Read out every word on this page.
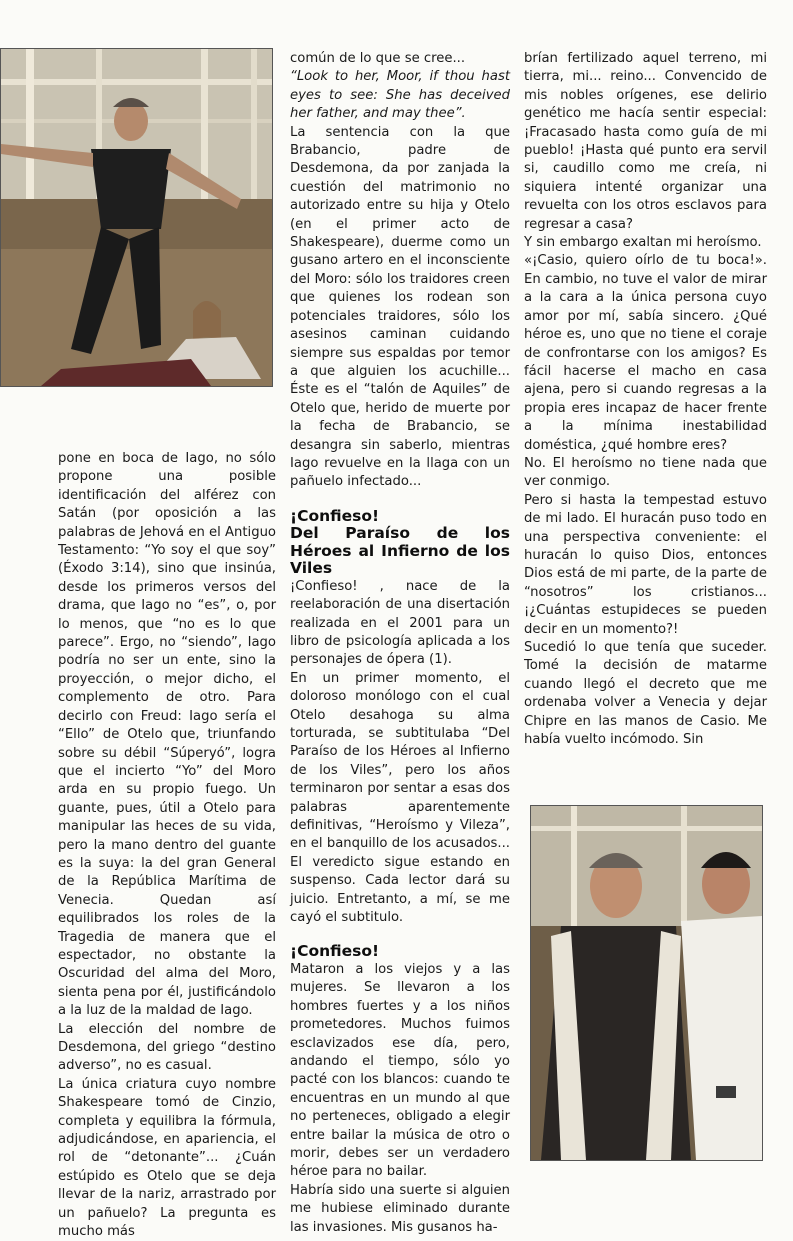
pone en boca de Iago, no sólo propone una posible identificación del alférez con Satán (por oposición a las palabras de Jehová en el Antiguo Testamento: “Yo soy el que soy” (Éxodo 3:14), sino que insinúa, desde los primeros versos del drama, que Iago no “es”, o, por lo menos, que “no es lo que parece”. Ergo, no “siendo”, Iago podría no ser un ente, sino la proyección, o mejor dicho, el complemento de otro. Para decirlo con Freud: Iago sería el “Ello” de Otelo que, triunfando sobre su débil “Súperyó”, logra que el incierto “Yo” del Moro arda en su propio fuego. Un guante, pues, útil a Otelo para manipular las heces de su vida, pero la mano dentro del guante es la suya: la del gran General de la República Marítima de Venecia. Quedan así equilibrados los roles de la Tragedia de manera que el espectador, no obstante la Oscuridad del alma del Moro, sienta pena por él, justificándolo a la luz de la maldad de Iago.

La elección del nombre de Desdemona, del griego “destino adverso”, no es casual.

La única criatura cuyo nombre Shakespeare tomó de Cinzio, completa y equilibra la fórmula, adjudicándose, en apariencia, el rol de “detonante”... ¿Cuán estúpido es Otelo que se deja llevar de la nariz, arrastrado por un pañuelo? La pregunta es mucho más

común de lo que se cree...

“Look to her, Moor, if thou hast eyes to see: She has deceived her father, and may thee”.

La sentencia con la que Brabancio, padre de Desdemona, da por zanjada la cuestión del matrimonio no autorizado entre su hija y Otelo (en el primer acto de Shakespeare), duerme como un gusano artero en el inconsciente del Moro: sólo los traidores creen que quienes los rodean son potenciales traidores, sólo los asesinos caminan cuidando siempre sus espaldas por temor a que alguien los acuchille... Éste es el “talón de Aquiles” de Otelo que, herido de muerte por la fecha de Brabancio, se desangra sin saberlo, mientras Iago revuelve en la llaga con un pañuelo infectado...

¡Confieso!
Del Paraíso de los Héroes al Infierno de los Viles

¡Confieso! , nace de la reelaboración de una disertación realizada en el 2001 para un libro de psicología aplicada a los personajes de ópera (1).

En un primer momento, el doloroso monólogo con el cual Otelo desahoga su alma torturada, se subtitulaba “Del Paraíso de los Héroes al Infierno de los Viles”, pero los años terminaron por sentar a esas dos palabras aparentemente definitivas, “Heroísmo y Vileza”, en el banquillo de los acusados... El veredicto sigue estando en suspenso. Cada lector dará su juicio. Entretanto, a mí, se me cayó el subtitulo.

¡Confieso!

Mataron a los viejos y a las mujeres. Se llevaron a los hombres fuertes y a los niños prometedores. Muchos fuimos esclavizados ese día, pero, andando el tiempo, sólo yo pacté con los blancos: cuando te encuentras en un mundo al que no perteneces, obligado a elegir entre bailar la música de otro o morir, debes ser un verdadero héroe para no bailar.

Habría sido una suerte si alguien me hubiese eliminado durante las invasiones. Mis gusanos ha-

brían fertilizado aquel terreno, mi tierra, mi... reino... Convencido de mis nobles orígenes, ese delirio genético me hacía sentir especial: ¡Fracasado hasta como guía de mi pueblo! ¡Hasta qué punto era servil si, caudillo como me creía, ni siquiera intenté organizar una revuelta con los otros esclavos para regresar a casa?

Y sin embargo exaltan mi heroísmo.

«¡Casio, quiero oírlo de tu boca!». En cambio, no tuve el valor de mirar a la cara a la única persona cuyo amor por mí, sabía sincero. ¿Qué héroe es, uno que no tiene el coraje de confrontarse con los amigos? Es fácil hacerse el macho en casa ajena, pero si cuando regresas a la propia eres incapaz de hacer frente a la mínima inestabilidad doméstica, ¿qué hombre eres?

No. El heroísmo no tiene nada que ver conmigo.

Pero si hasta la tempestad estuvo de mi lado. El huracán puso todo en una perspectiva conveniente: el huracán lo quiso Dios, entonces Dios está de mi parte, de la parte de “nosotros” los cristianos... ¡¿Cuántas estupideces se pueden decir en un momento?!

Sucedió lo que tenía que suceder. Tomé la decisión de matarme cuando llegó el decreto que me ordenaba volver a Venecia y dejar Chipre en las manos de Casio. Me había vuelto incómodo. Sin
